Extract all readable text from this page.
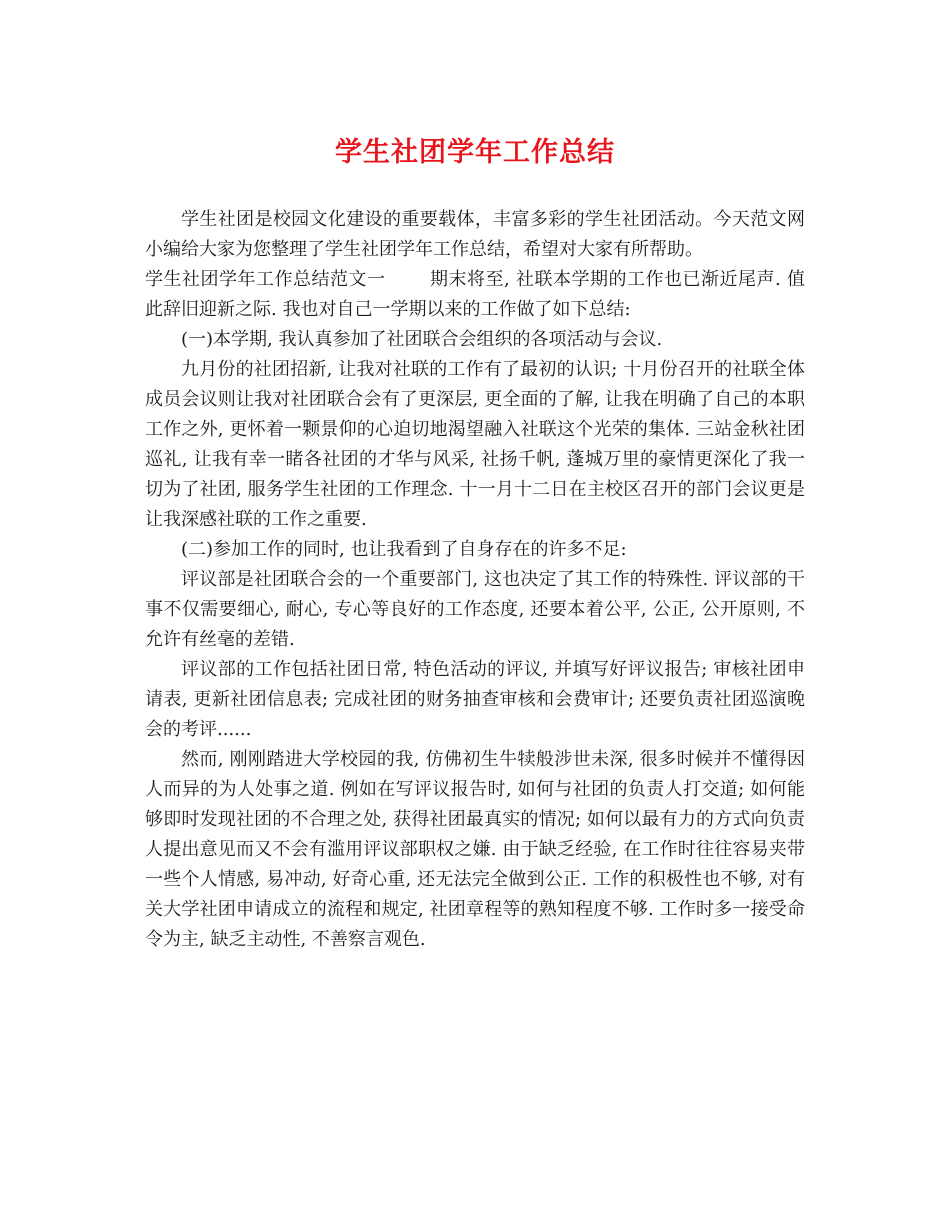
学生社团学年工作总结

学生社团是校园文化建设的重要载体，丰富多彩的学生社团活动。今天范文网小编给大家为您整理了学生社团学年工作总结，希望对大家有所帮助。

学生社团学年工作总结范文一 期末将至, 社联本学期的工作也已渐近尾声. 值此辞旧迎新之际. 我也对自己一学期以来的工作做了如下总结:

(一)本学期, 我认真参加了社团联合会组织的各项活动与会议.

九月份的社团招新, 让我对社联的工作有了最初的认识; 十月份召开的社联全体成员会议则让我对社团联合会有了更深层, 更全面的了解, 让我在明确了自己的本职工作之外, 更怀着一颗景仰的心迫切地渴望融入社联这个光荣的集体. 三站金秋社团巡礼, 让我有幸一睹各社团的才华与风采, 社扬千帆, 蓬城万里的豪情更深化了我一切为了社团, 服务学生社团的工作理念. 十一月十二日在主校区召开的部门会议更是让我深感社联的工作之重要.

(二)参加工作的同时, 也让我看到了自身存在的许多不足:

评议部是社团联合会的一个重要部门, 这也决定了其工作的特殊性. 评议部的干事不仅需要细心, 耐心, 专心等良好的工作态度, 还要本着公平, 公正, 公开原则, 不允许有丝毫的差错.

评议部的工作包括社团日常, 特色活动的评议, 并填写好评议报告; 审核社团申请表, 更新社团信息表; 完成社团的财务抽查审核和会费审计; 还要负责社团巡演晚会的考评......

然而, 刚刚踏进大学校园的我, 仿佛初生牛犊般涉世未深, 很多时候并不懂得因人而异的为人处事之道. 例如在写评议报告时, 如何与社团的负责人打交道; 如何能够即时发现社团的不合理之处, 获得社团最真实的情况; 如何以最有力的方式向负责人提出意见而又不会有滥用评议部职权之嫌. 由于缺乏经验, 在工作时往往容易夹带一些个人情感, 易冲动, 好奇心重, 还无法完全做到公正. 工作的积极性也不够, 对有关大学社团申请成立的流程和规定, 社团章程等的熟知程度不够. 工作时多一接受命令为主, 缺乏主动性, 不善察言观色.
